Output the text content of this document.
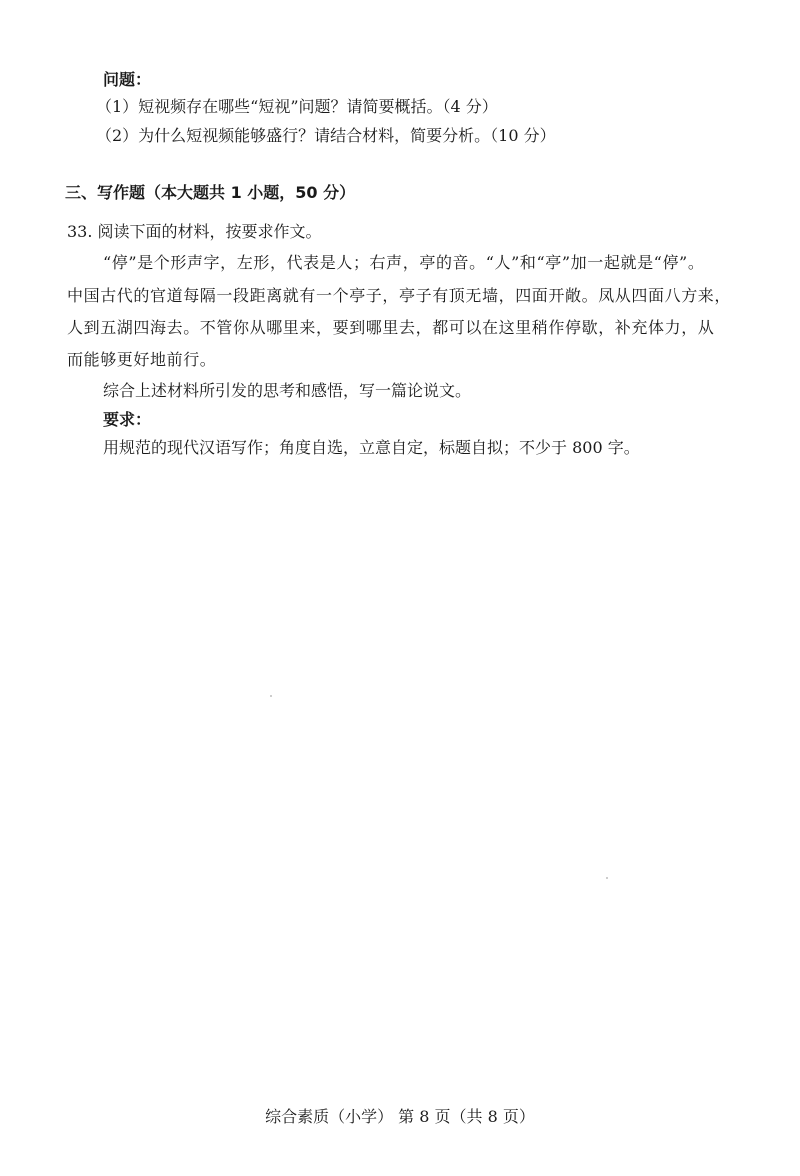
问题：
（1）短视频存在哪些“短视”问题？请简要概括。（4 分）
（2）为什么短视频能够盛行？请结合材料，简要分析。（10 分）
三、写作题（本大题共 1 小题，50 分）
33. 阅读下面的材料，按要求作文。
“停”是个形声字，左形，代表是人；右声，亭的音。“人”和“亭”加一起就是“停”。
中国古代的官道每隔一段距离就有一个亭子，亭子有顶无墙，四面开敞。凤从四面八方来，
人到五湖四海去。不管你从哪里来，要到哪里去，都可以在这里稍作停歇，补充体力，从
而能够更好地前行。
综合上述材料所引发的思考和感悟，写一篇论说文。
要求：
用规范的现代汉语写作；角度自选，立意自定，标题自拟；不少于 800 字。
综合素质（小学） 第 8 页（共 8 页）
